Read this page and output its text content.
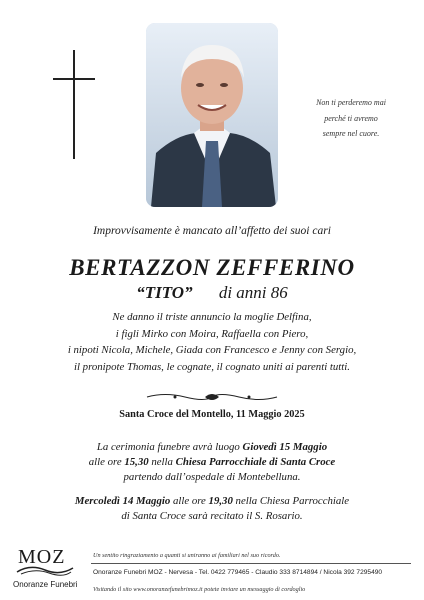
Non ti perderemo mai
perché ti avremo
sempre nel cuore.
Improvvisamente è mancato all’affetto dei suoi cari
BERTAZZON ZEFFERINO
“TITO” di anni 86
Ne danno il triste annuncio la moglie Delfina,
i figli Mirko con Moira, Raffaella con Piero,
i nipoti Nicola, Michele, Giada con Francesco e Jenny con Sergio,
il pronipote Thomas, le cognate, il cognato uniti ai parenti tutti.
Santa Croce del Montello, 11 Maggio 2025
La cerimonia funebre avrà luogo Giovedì 15 Maggio
alle ore 15,30 nella Chiesa Parrocchiale di Santa Croce
partendo dall’ospedale di Montebelluna.
Mercoledì 14 Maggio alle ore 19,30 nella Chiesa Parrocchiale
di Santa Croce sarà recitato il S. Rosario.
MOZ
Onoranze Funebri
Un sentito ringraziamento a quanti si uniranno ai familiari nel suo ricordo.
Onoranze Funebri MOZ - Nervesa - Tel. 0422 779465 - Claudio 333 8714894 / Nicola 392 7295490
Visitando il sito www.onoranzefunebrimoz.it potete inviare un messaggio di cordoglio
